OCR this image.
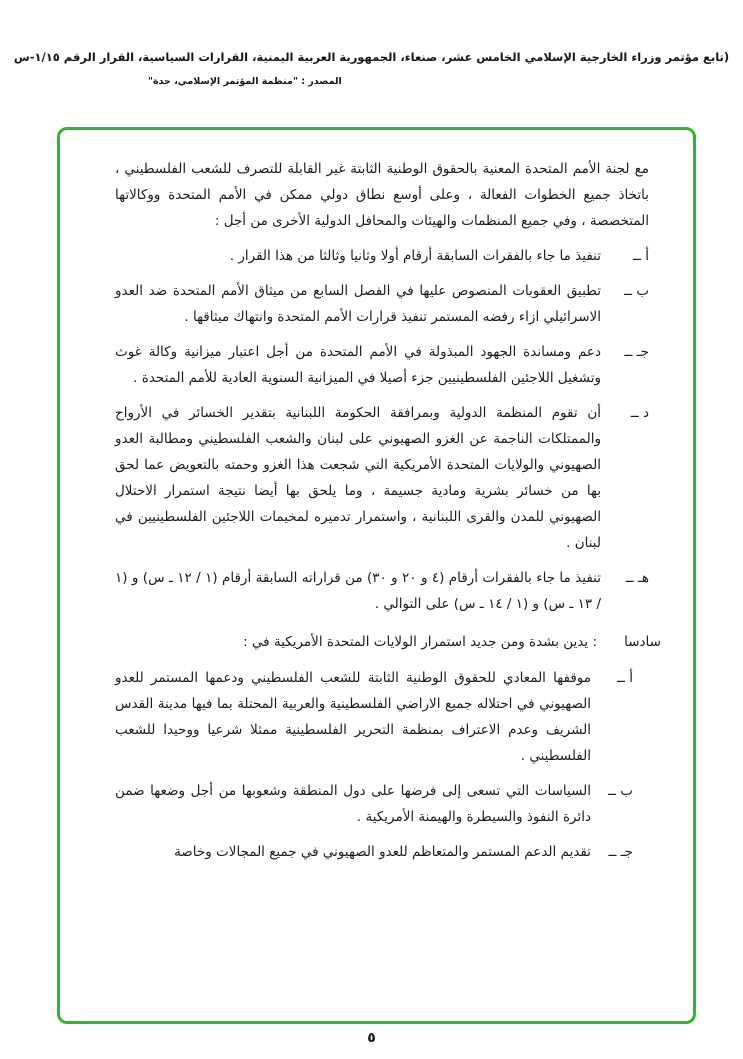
(تابع مؤتمر وزراء الخارجية الإسلامي الخامس عشر، صنعاء، الجمهورية العربية اليمنية، القرارات السياسية، القرار الرقم ١/١٥-س
المصدر : "منظمة المؤتمر الإسلامي، جدة"

مع لجنة الأمم المتحدة المعنية بالحقوق الوطنية الثابتة غير القابلة للتصرف للشعب الفلسطيني ، باتخاذ جميع الخطوات الفعالة ، وعلى أوسع نطاق دولي ممكن في الأمم المتحدة ووكالاتها المتخصصة ، وفي جميع المنظمات والهيئات والمحافل الدولية الأخرى من أجل :

أ ــ
تنفيذ ما جاء بالفقرات السابقة أرقام أولا وثانيا وثالثا من هذا القرار .
ب ــ
تطبيق العقوبات المنصوص عليها في الفصل السابع من ميثاق الأمم المتحدة ضد العدو الاسرائيلي ازاء رفضه المستمر تنفيذ قرارات الأمم المتحدة وانتهاك ميثاقها .
جـ ــ
دعم ومساندة الجهود المبذولة في الأمم المتحدة من أجل اعتبار ميزانية وكالة غوث وتشغيل اللاجئين الفلسطينيين جزء أصيلا في الميزانية السنوية العادية للأمم المتحدة .
د ــ
أن تقوم المنظمة الدولية وبمرافقة الحكومة اللبنانية بتقدير الخسائر في الأرواح والممتلكات الناجمة عن الغزو الصهيوني على لبنان والشعب الفلسطيني ومطالبة العدو الصهيوني والولايات المتحدة الأمريكية التي شجعت هذا الغزو وحمته بالتعويض عما لحق بها من خسائر بشرية ومادية جسيمة ، وما يلحق بها أيضا نتيجة استمرار الاحتلال الصهيوني للمدن والقرى اللبنانية ، واستمرار تدميره لمخيمات اللاجئين الفلسطينيين في لبنان .
هـ ــ
تنفيذ ما جاء بالفقرات أرقام (٤ و ٢٠ و ٣٠) من قراراته السابقة أرقام (١ / ١٢ ـ س) و (١ / ١٣ ـ س) و (١ / ١٤ ـ س) على التوالي .
سادسا
: يدين بشدة ومن جديد استمرار الولايات المتحدة الأمريكية في :
أ ــ
موقفها المعادي للحقوق الوطنية الثابتة للشعب الفلسطيني ودعمها المستمر للعدو الصهيوني في احتلاله جميع الاراضي الفلسطينية والعربية المحتلة بما فيها مدينة القدس الشريف وعدم الاعتراف بمنظمة التحرير الفلسطينية ممثلا شرعيا ووحيدا للشعب الفلسطيني .
ب ــ
السياسات التي تسعى إلى فرضها على دول المنطقة وشعوبها من أجل وضعها ضمن دائرة النفوذ والسيطرة والهيمنة الأمريكية .
جـ ــ
تقديم الدعم المستمر والمتعاظم للعدو الصهيوني في جميع المجالات وخاصة
٥
